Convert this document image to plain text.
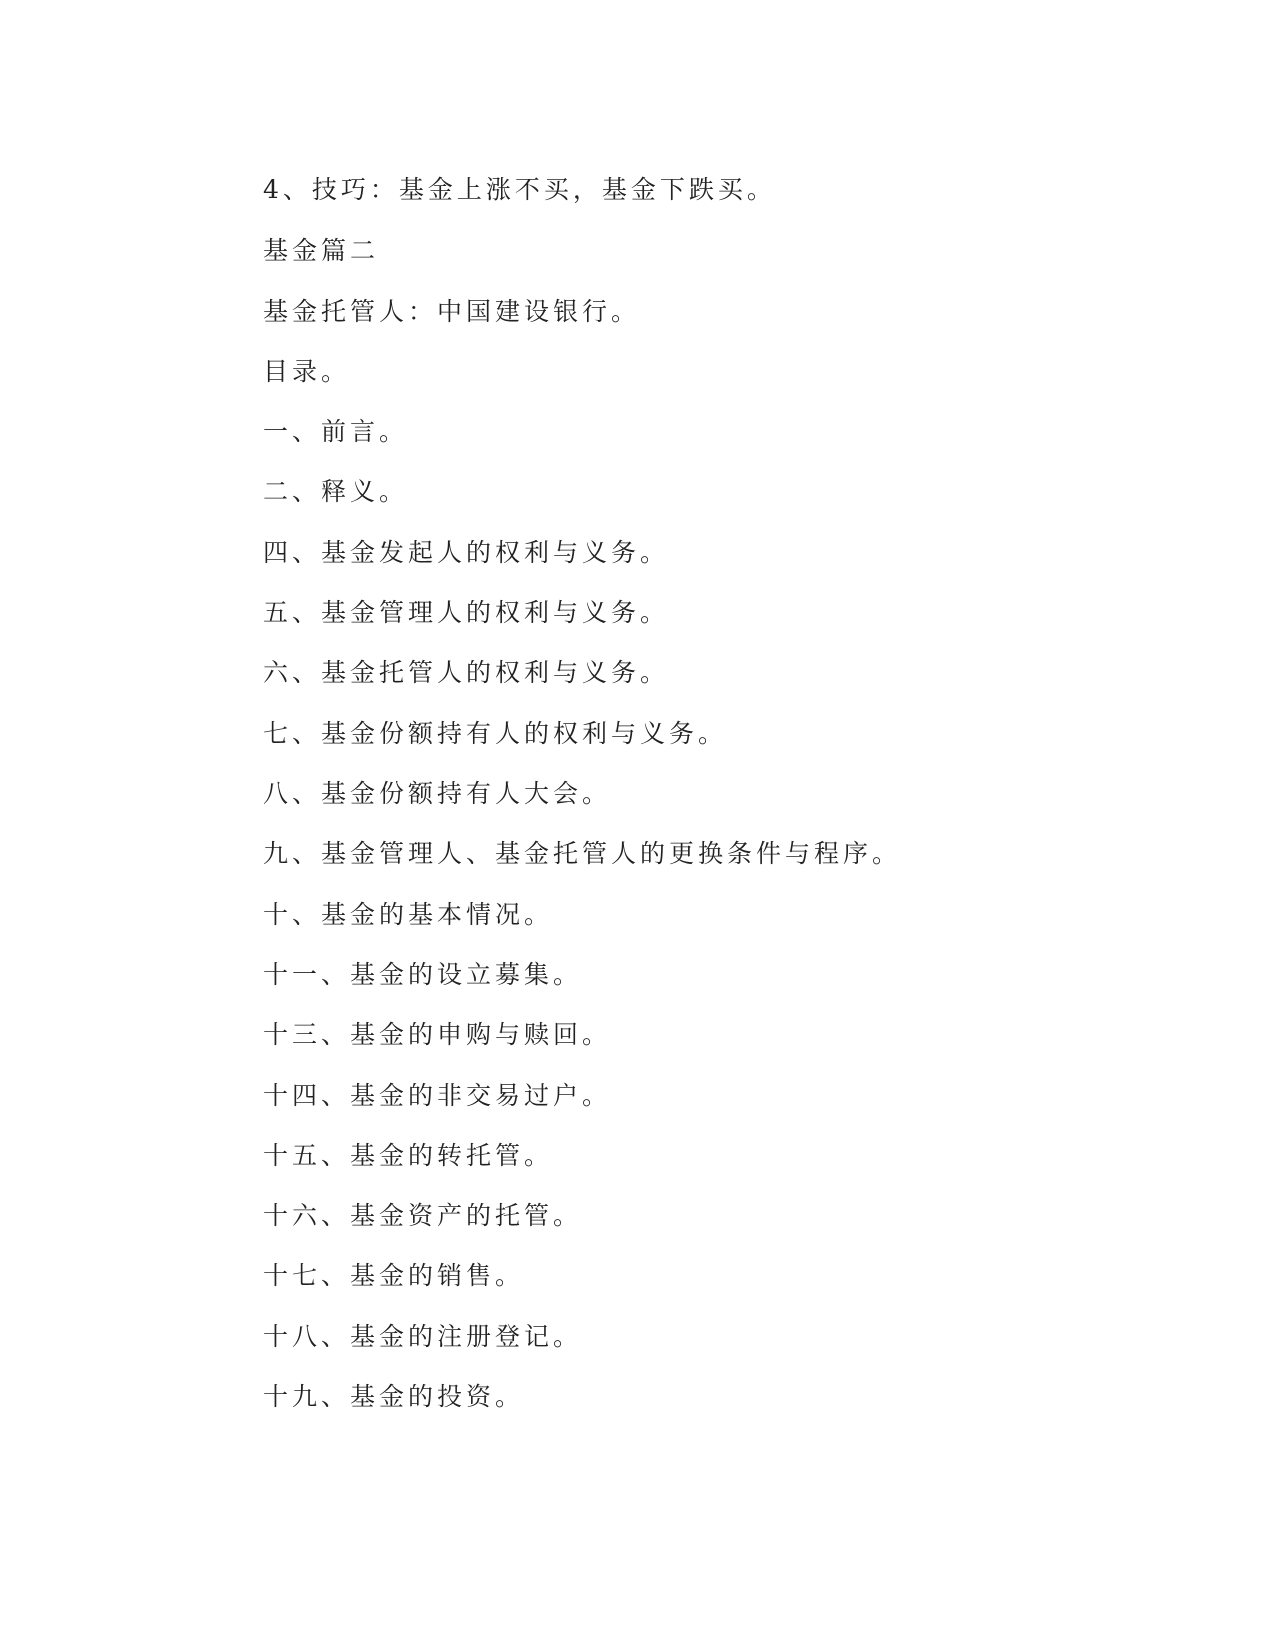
4、技巧：基金上涨不买，基金下跌买。

基金篇二

基金托管人：中国建设银行。

目录。

一、前言。

二、释义。

四、基金发起人的权利与义务。

五、基金管理人的权利与义务。

六、基金托管人的权利与义务。

七、基金份额持有人的权利与义务。

八、基金份额持有人大会。

九、基金管理人、基金托管人的更换条件与程序。

十、基金的基本情况。

十一、基金的设立募集。

十三、基金的申购与赎回。

十四、基金的非交易过户。

十五、基金的转托管。

十六、基金资产的托管。

十七、基金的销售。

十八、基金的注册登记。

十九、基金的投资。
